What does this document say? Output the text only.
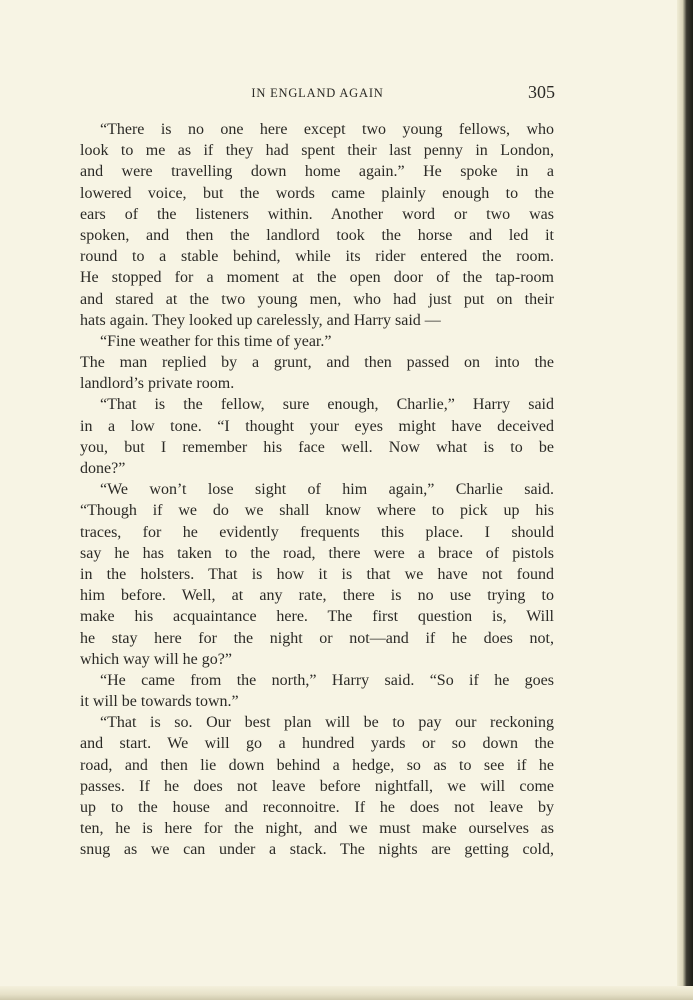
IN ENGLAND AGAIN	305
“There is no one here except two young fellows, who
look to me as if they had spent their last penny in London,
and were travelling down home again.” He spoke in a
lowered voice, but the words came plainly enough to the
ears of the listeners within. Another word or two was
spoken, and then the landlord took the horse and led it
round to a stable behind, while its rider entered the room.
He stopped for a moment at the open door of the tap-room
and stared at the two young men, who had just put on their
hats again. They looked up carelessly, and Harry said —
“Fine weather for this time of year.”
The man replied by a grunt, and then passed on into the
landlord’s private room.
“That is the fellow, sure enough, Charlie,” Harry said
in a low tone. “I thought your eyes might have deceived
you, but I remember his face well. Now what is to be
done?”
“We won’t lose sight of him again,” Charlie said.
“Though if we do we shall know where to pick up his
traces, for he evidently frequents this place. I should
say he has taken to the road, there were a brace of pistols
in the holsters. That is how it is that we have not found
him before. Well, at any rate, there is no use trying to
make his acquaintance here. The first question is, Will
he stay here for the night or not—and if he does not,
which way will he go?”
“He came from the north,” Harry said. “So if he goes
it will be towards town.”
“That is so. Our best plan will be to pay our reckoning
and start. We will go a hundred yards or so down the
road, and then lie down behind a hedge, so as to see if he
passes. If he does not leave before nightfall, we will come
up to the house and reconnoitre. If he does not leave by
ten, he is here for the night, and we must make ourselves as
snug as we can under a stack. The nights are getting cold,
